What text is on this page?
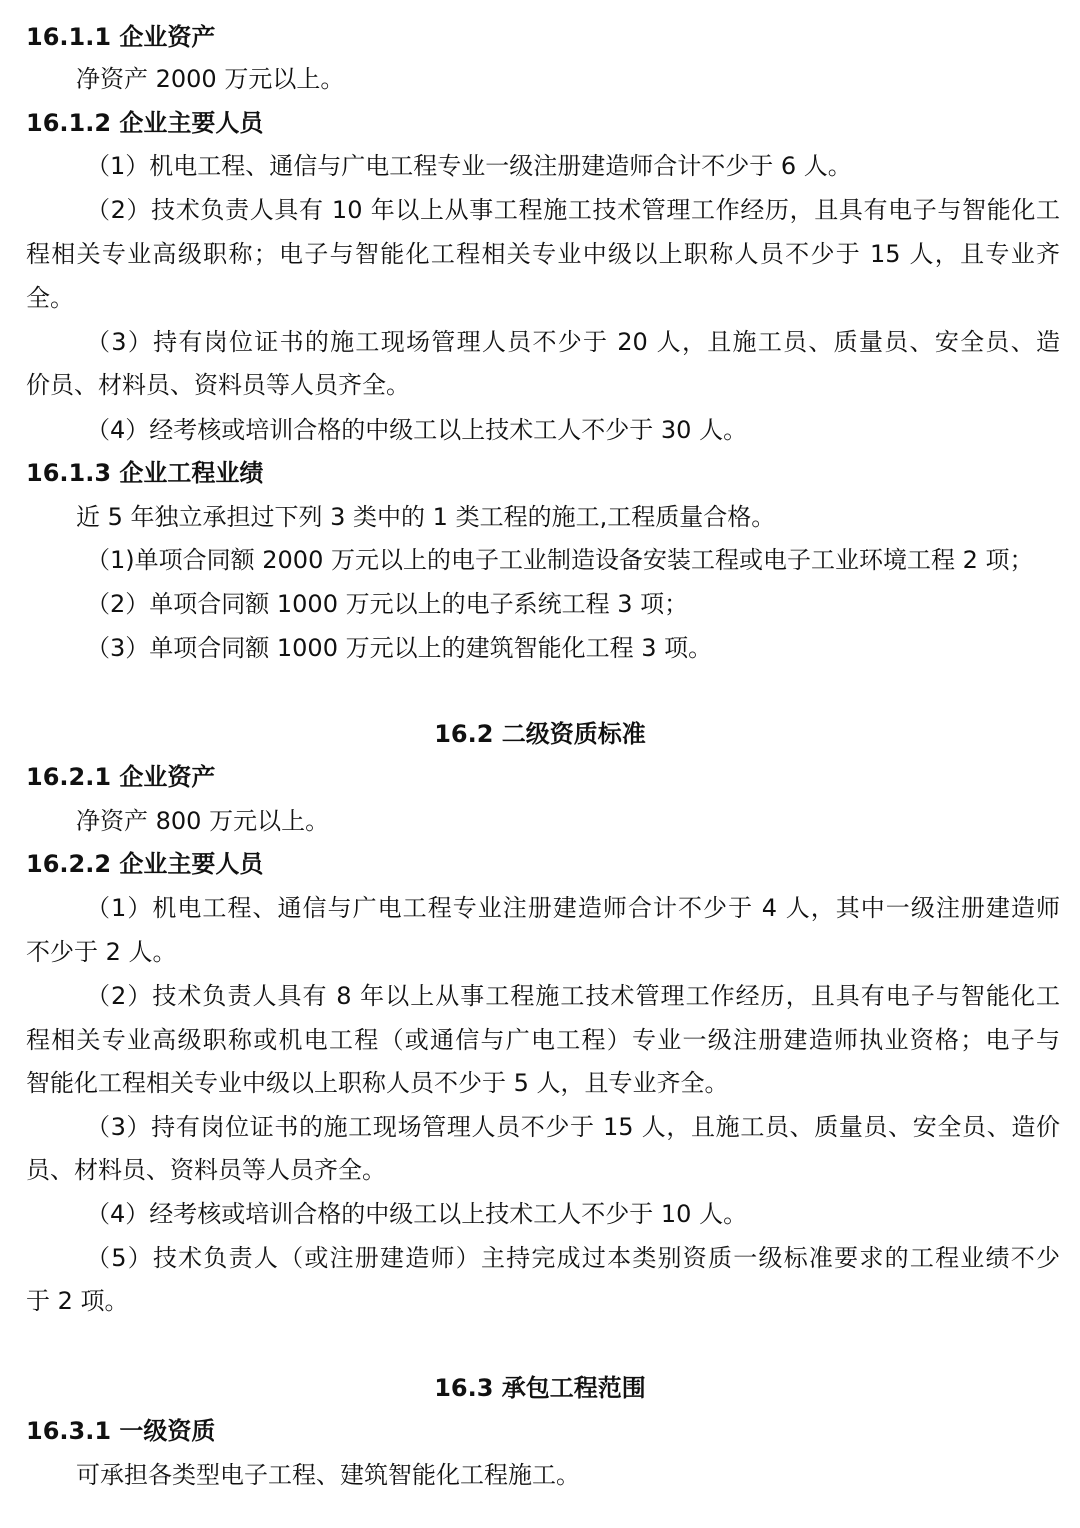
16.1.1 企业资产
净资产 2000 万元以上。
16.1.2 企业主要人员
（1）机电工程、通信与广电工程专业一级注册建造师合计不少于 6 人。
（2）技术负责人具有 10 年以上从事工程施工技术管理工作经历，且具有电子与智能化工
程相关专业高级职称；电子与智能化工程相关专业中级以上职称人员不少于 15 人，且专业齐
全。
（3）持有岗位证书的施工现场管理人员不少于 20 人，且施工员、质量员、安全员、造
价员、材料员、资料员等人员齐全。
（4）经考核或培训合格的中级工以上技术工人不少于 30 人。
16.1.3 企业工程业绩
近 5 年独立承担过下列 3 类中的 1 类工程的施工,工程质量合格。
（1)单项合同额 2000 万元以上的电子工业制造设备安装工程或电子工业环境工程 2 项；
（2）单项合同额 1000 万元以上的电子系统工程 3 项；
（3）单项合同额 1000 万元以上的建筑智能化工程 3 项。
16.2 二级资质标准
16.2.1 企业资产
净资产 800 万元以上。
16.2.2 企业主要人员
（1）机电工程、通信与广电工程专业注册建造师合计不少于 4 人，其中一级注册建造师
不少于 2 人。
（2）技术负责人具有 8 年以上从事工程施工技术管理工作经历，且具有电子与智能化工
程相关专业高级职称或机电工程（或通信与广电工程）专业一级注册建造师执业资格；电子与
智能化工程相关专业中级以上职称人员不少于 5 人，且专业齐全。
（3）持有岗位证书的施工现场管理人员不少于 15 人，且施工员、质量员、安全员、造价
员、材料员、资料员等人员齐全。
（4）经考核或培训合格的中级工以上技术工人不少于 10 人。
（5）技术负责人（或注册建造师）主持完成过本类别资质一级标准要求的工程业绩不少
于 2 项。
16.3 承包工程范围
16.3.1 一级资质
可承担各类型电子工程、建筑智能化工程施工。
